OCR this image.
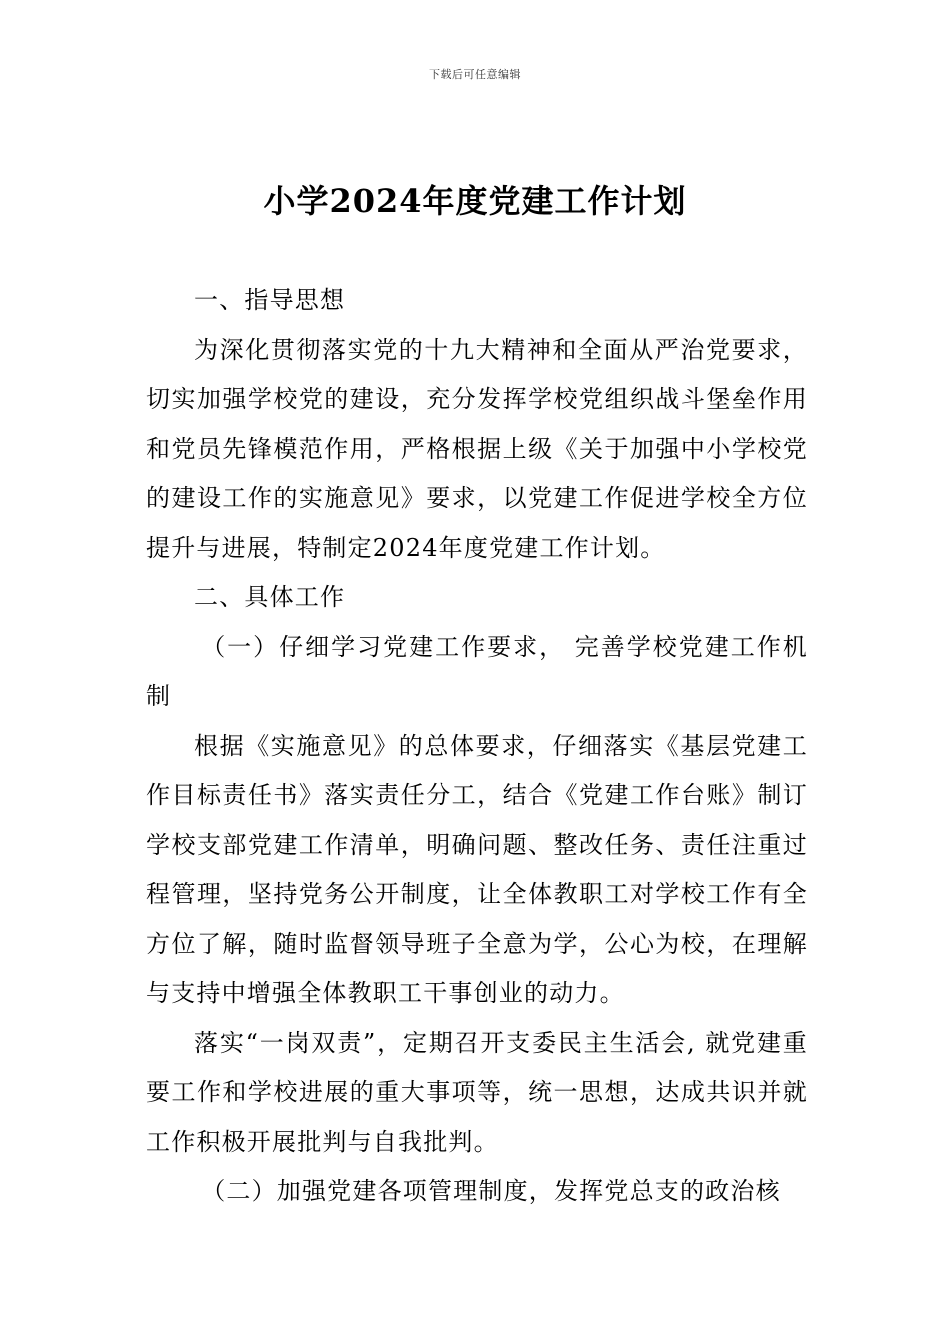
下载后可任意编辑
小学2024年度党建工作计划

一、指导思想

为深化贯彻落实党的十九大精神和全面从严治党要求，切实加强学校党的建设，充分发挥学校党组织战斗堡垒作用和党员先锋模范作用，严格根据上级《关于加强中小学校党的建设工作的实施意见》要求，以党建工作促进学校全方位提升与进展，特制定2024年度党建工作计划。

二、具体工作

（一）仔细学习党建工作要求， 完善学校党建工作机制

根据《实施意见》的总体要求，仔细落实《基层党建工作目标责任书》落实责任分工，结合《党建工作台账》制订学校支部党建工作清单，明确问题、整改任务、责任注重过程管理，坚持党务公开制度，让全体教职工对学校工作有全方位了解，随时监督领导班子全意为学，公心为校，在理解与支持中增强全体教职工干事创业的动力。

落实“一岗双责”，定期召开支委民主生活会, 就党建重要工作和学校进展的重大事项等，统一思想，达成共识并就工作积极开展批判与自我批判。

（二）加强党建各项管理制度，发挥党总支的政治核
